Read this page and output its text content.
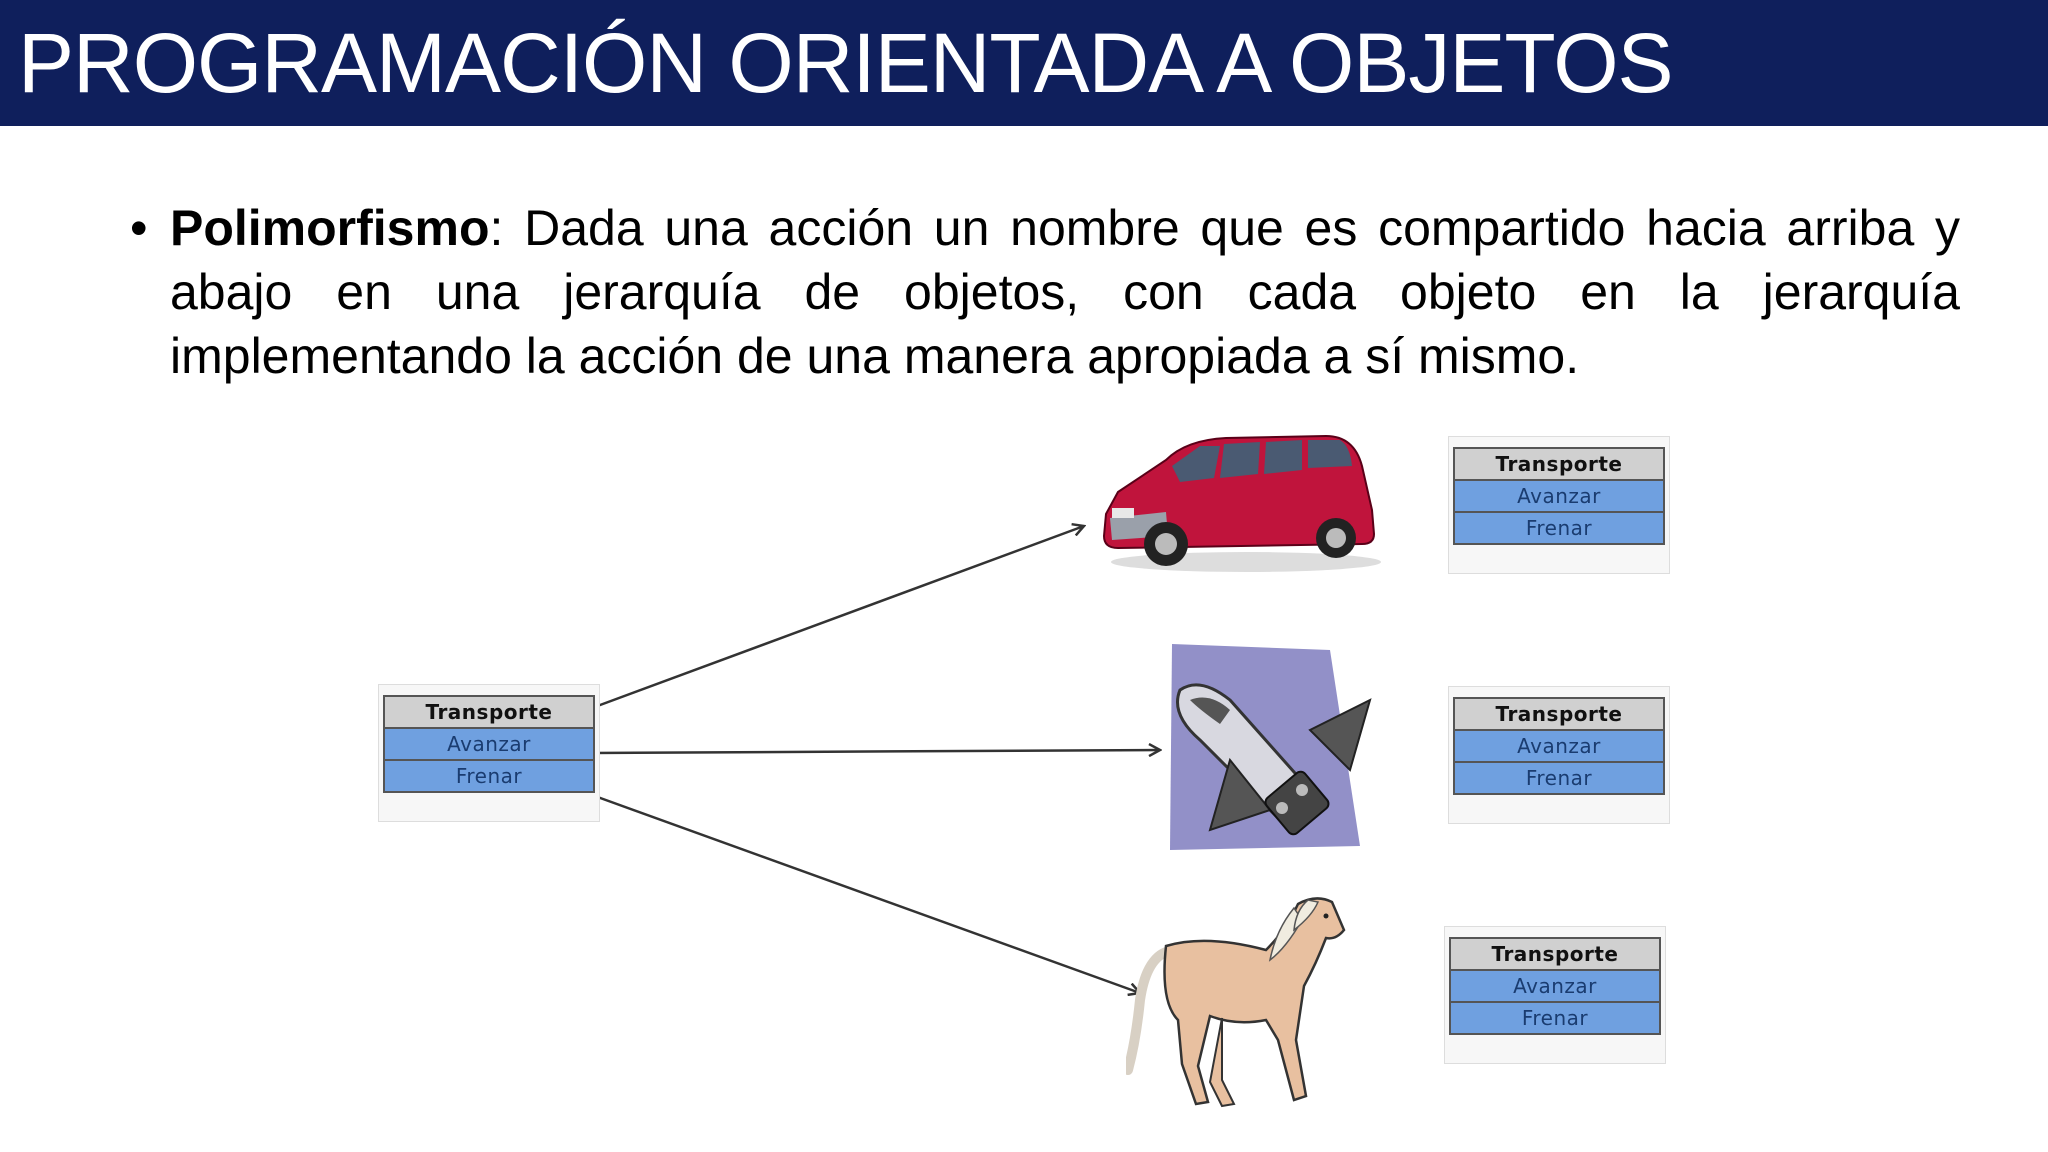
PROGRAMACIÓN ORIENTADA A OBJETOS
• Polimorfismo: Dada una acción un nombre que es compartido hacia arriba y abajo en una jerarquía de objetos, con cada objeto en la jerarquía implementando la acción de una manera apropiada a sí mismo.
Transporte
Avanzar
Frenar
Transporte
Avanzar
Frenar
Transporte
Avanzar
Frenar
Transporte
Avanzar
Frenar
